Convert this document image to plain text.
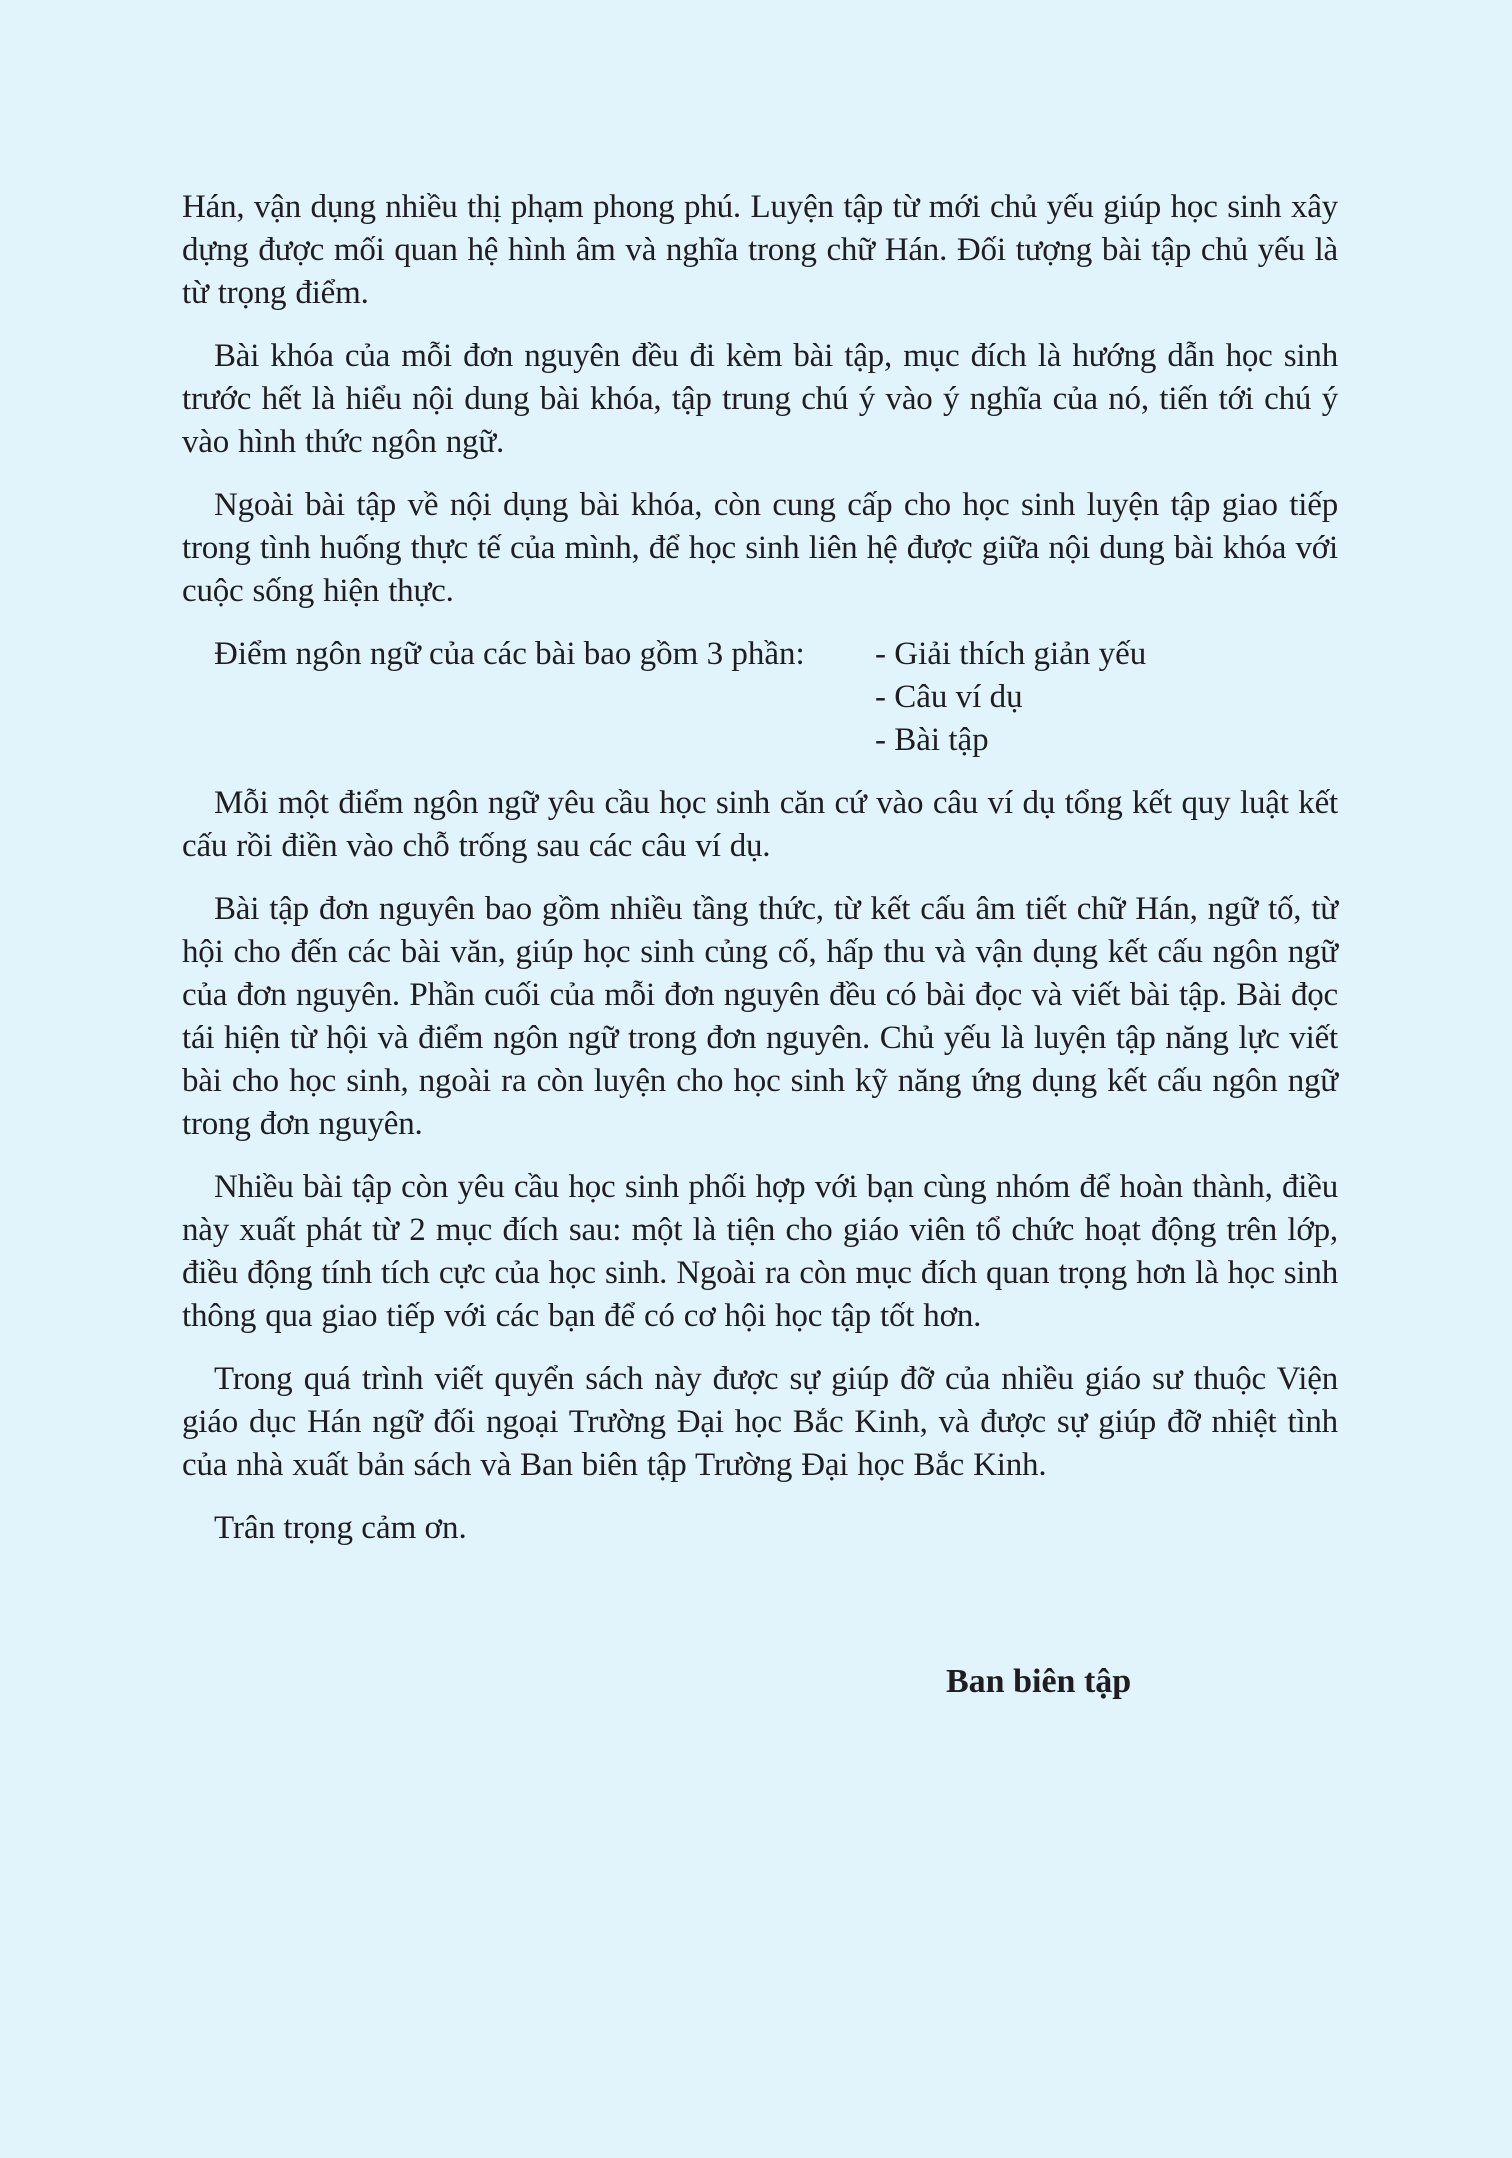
Hán, vận dụng nhiều thị phạm phong phú. Luyện tập từ mới chủ yếu giúp học sinh xây dựng được mối quan hệ hình âm và nghĩa trong chữ Hán. Đối tượng bài tập chủ yếu là từ trọng điểm.

Bài khóa của mỗi đơn nguyên đều đi kèm bài tập, mục đích là hướng dẫn học sinh trước hết là hiểu nội dung bài khóa, tập trung chú ý vào ý nghĩa của nó, tiến tới chú ý vào hình thức ngôn ngữ.

Ngoài bài tập về nội dụng bài khóa, còn cung cấp cho học sinh luyện tập giao tiếp trong tình huống thực tế của mình, để học sinh liên hệ được giữa nội dung bài khóa với cuộc sống hiện thực.

Điểm ngôn ngữ của các bài bao gồm 3 phần:	- Giải thích giản yếu
- Câu ví dụ
- Bài tập

Mỗi một điểm ngôn ngữ yêu cầu học sinh căn cứ vào câu ví dụ tổng kết quy luật kết cấu rồi điền vào chỗ trống sau các câu ví dụ.

Bài tập đơn nguyên bao gồm nhiều tầng thức, từ kết cấu âm tiết chữ Hán, ngữ tố, từ hội cho đến các bài văn, giúp học sinh củng cố, hấp thu và vận dụng kết cấu ngôn ngữ của đơn nguyên. Phần cuối của mỗi đơn nguyên đều có bài đọc và viết bài tập. Bài đọc tái hiện từ hội và điểm ngôn ngữ trong đơn nguyên. Chủ yếu là luyện tập năng lực viết bài cho học sinh, ngoài ra còn luyện cho học sinh kỹ năng ứng dụng kết cấu ngôn ngữ trong đơn nguyên.

Nhiều bài tập còn yêu cầu học sinh phối hợp với bạn cùng nhóm để hoàn thành, điều này xuất phát từ 2 mục đích sau: một là tiện cho giáo viên tổ chức hoạt động trên lớp, điều động tính tích cực của học sinh. Ngoài ra còn mục đích quan trọng hơn là học sinh thông qua giao tiếp với các bạn để có cơ hội học tập tốt hơn.

Trong quá trình viết quyển sách này được sự giúp đỡ của nhiều giáo sư thuộc Viện giáo dục Hán ngữ đối ngoại Trường Đại học Bắc Kinh, và được sự giúp đỡ nhiệt tình của nhà xuất bản sách và Ban biên tập Trường Đại học Bắc Kinh.

Trân trọng cảm ơn.

Ban biên tập
